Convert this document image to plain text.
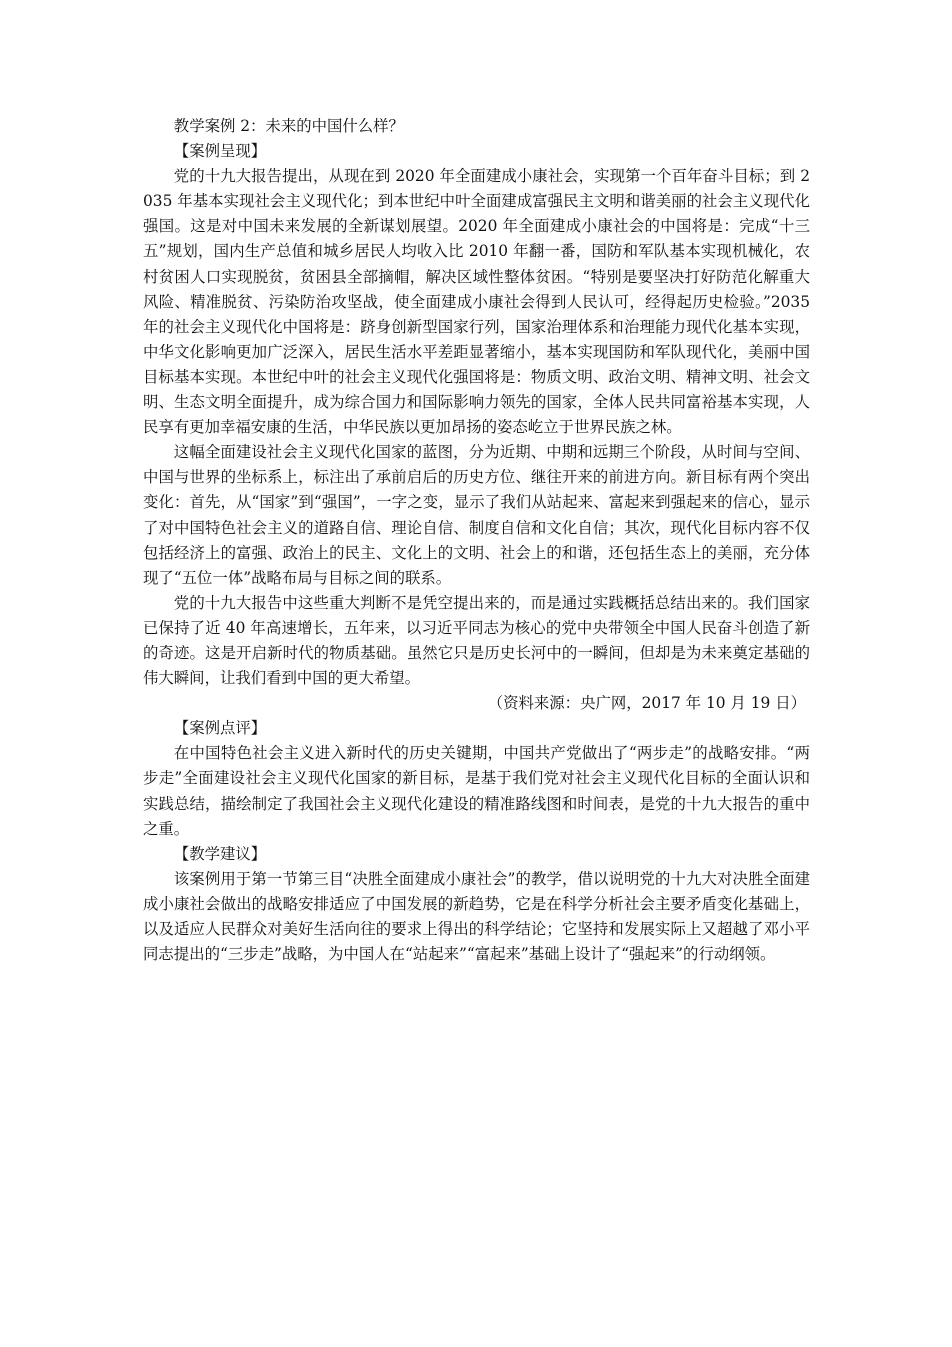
教学案例 2：未来的中国什么样？

【案例呈现】

党的十九大报告提出，从现在到 2020 年全面建成小康社会，实现第一个百年奋斗目标；到 2035 年基本实现社会主义现代化；到本世纪中叶全面建成富强民主文明和谐美丽的社会主义现代化强国。这是对中国未来发展的全新谋划展望。2020 年全面建成小康社会的中国将是：完成“十三五”规划，国内生产总值和城乡居民人均收入比 2010 年翻一番，国防和军队基本实现机械化，农村贫困人口实现脱贫，贫困县全部摘帽，解决区域性整体贫困。“特别是要坚决打好防范化解重大风险、精准脱贫、污染防治攻坚战，使全面建成小康社会得到人民认可，经得起历史检验。”2035 年的社会主义现代化中国将是：跻身创新型国家行列，国家治理体系和治理能力现代化基本实现，中华文化影响更加广泛深入，居民生活水平差距显著缩小，基本实现国防和军队现代化，美丽中国目标基本实现。本世纪中叶的社会主义现代化强国将是：物质文明、政治文明、精神文明、社会文明、生态文明全面提升，成为综合国力和国际影响力领先的国家，全体人民共同富裕基本实现，人民享有更加幸福安康的生活，中华民族以更加昂扬的姿态屹立于世界民族之林。

这幅全面建设社会主义现代化国家的蓝图，分为近期、中期和远期三个阶段，从时间与空间、中国与世界的坐标系上，标注出了承前启后的历史方位、继往开来的前进方向。新目标有两个突出变化：首先，从“国家”到“强国”，一字之变，显示了我们从站起来、富起来到强起来的信心，显示了对中国特色社会主义的道路自信、理论自信、制度自信和文化自信；其次，现代化目标内容不仅包括经济上的富强、政治上的民主、文化上的文明、社会上的和谐，还包括生态上的美丽，充分体现了“五位一体”战略布局与目标之间的联系。

党的十九大报告中这些重大判断不是凭空提出来的，而是通过实践概括总结出来的。我们国家已保持了近 40 年高速增长，五年来，以习近平同志为核心的党中央带领全中国人民奋斗创造了新的奇迹。这是开启新时代的物质基础。虽然它只是历史长河中的一瞬间，但却是为未来奠定基础的伟大瞬间，让我们看到中国的更大希望。

（资料来源：央广网，2017 年 10 月 19 日）

【案例点评】

在中国特色社会主义进入新时代的历史关键期，中国共产党做出了“两步走”的战略安排。“两步走”全面建设社会主义现代化国家的新目标，是基于我们党对社会主义现代化目标的全面认识和实践总结，描绘制定了我国社会主义现代化建设的精准路线图和时间表，是党的十九大报告的重中之重。

【教学建议】

该案例用于第一节第三目“决胜全面建成小康社会”的教学，借以说明党的十九大对决胜全面建成小康社会做出的战略安排适应了中国发展的新趋势，它是在科学分析社会主要矛盾变化基础上，以及适应人民群众对美好生活向往的要求上得出的科学结论；它坚持和发展实际上又超越了邓小平同志提出的“三步走”战略，为中国人在“站起来”“富起来”基础上设计了“强起来”的行动纲领。
